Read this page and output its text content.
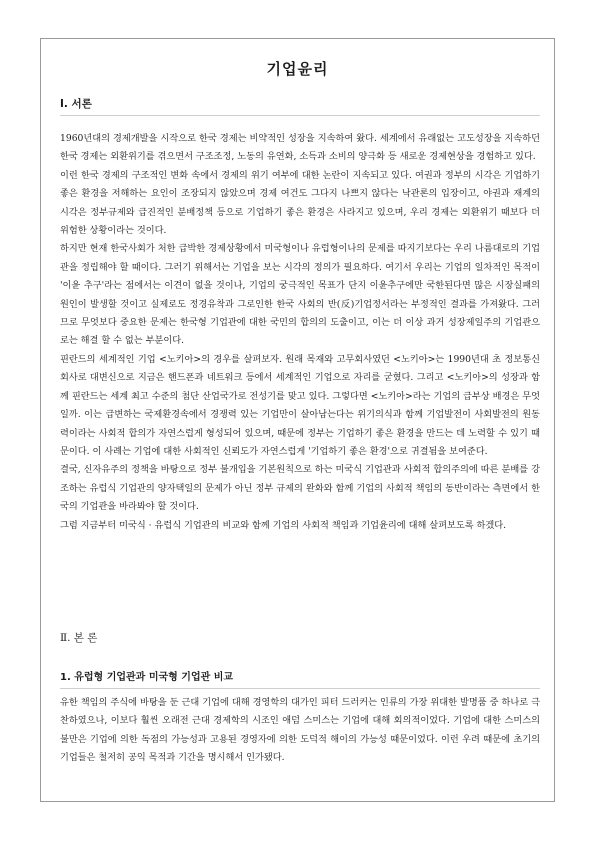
기업윤리
Ⅰ. 서론

1960년대의 경제개발을 시작으로 한국 경제는 비약적인 성장을 지속하여 왔다. 세계에서 유래없는 고도성장을 지속하던 한국 경제는 외환위기를 겪으면서 구조조정, 노동의 유연화, 소득과 소비의 양극화 등 새로운 경제현상을 경험하고 있다.

이런 한국 경제의 구조적인 변화 속에서 경제의 위기 여부에 대한 논란이 지속되고 있다. 여권과 정부의 시각은 기업하기 좋은 환경을 저해하는 요인이 조장되지 않았으며 경제 여건도 그다지 나쁘지 않다는 낙관론의 입장이고, 야권과 재계의 시각은 정부규제와 급진적인 분배정책 등으로 기업하기 좋은 환경은 사라지고 있으며, 우리 경제는 외환위기 때보다 더 위험한 상황이라는 것이다.

하지만 현재 한국사회가 처한 급박한 경제상황에서 미국형이나 유럽형이나의 문제를 따지기보다는 우리 나름대로의 기업관을 정립해야 할 때이다. 그러기 위해서는 기업을 보는 시각의 정의가 필요하다. 여기서 우리는 기업의 일차적인 목적이 '이윤 추구'라는 점에서는 이견이 없을 것이나, 기업의 궁극적인 목표가 단지 이윤추구에만 국한된다면 많은 시장실패의 원인이 발생할 것이고 실제로도 정경유착과 그로인한 한국 사회의 반(反)기업정서라는 부정적인 결과를 가져왔다. 그러므로 무엇보다 중요한 문제는 한국형 기업관에 대한 국민의 합의의 도출이고, 이는 더 이상 과거 성장제일주의 기업관으로는 해결 할 수 없는 부분이다.

핀란드의 세계적인 기업 <노키아>의 경우를 살펴보자. 원래 목재와 고무회사였던 <노키아>는 1990년대 초 정보통신회사로 대변신으로 지금은 핸드폰과 네트워크 등에서 세계적인 기업으로 자리를 굳혔다. 그리고 <노키아>의 성장과 함께 핀란드는 세계 최고 수준의 첨단 산업국가로 전성기를 맞고 있다. 그렇다면 <노키아>라는 기업의 급부상 배경은 무엇일까. 이는 급변하는 국제환경속에서 경쟁력 있는 기업만이 살아남는다는 위기의식과 함께 기업발전이 사회발전의 원동력이라는 사회적 합의가 자연스럽게 형성되어 있으며, 때문에 정부는 기업하기 좋은 환경을 만드는 데 노력할 수 있기 때문이다. 이 사례는 기업에 대한 사회적인 신뢰도가 자연스럽게 '기업하기 좋은 환경'으로 귀결됨을 보여준다.

결국, 신자유주의 정책을 바탕으로 정부 불개입을 기본원칙으로 하는 미국식 기업관과 사회적 합의주의에 따른 분배를 강조하는 유럽식 기업관의 양자택일의 문제가 아닌 정부 규제의 완화와 함께 기업의 사회적 책임의 동반이라는 측면에서 한국의 기업관을 바라봐야 할 것이다.

그럼 지금부터 미국식 · 유럽식 기업관의 비교와 함께 기업의 사회적 책임과 기업윤리에 대해 살펴보도록 하겠다.

Ⅱ. 본 론
1. 유럽형 기업관과 미국형 기업관 비교

유한 책임의 주식에 바탕을 둔 근대 기업에 대해 경영학의 대가인 피터 드러커는 인류의 가장 위대한 발명품 중 하나로 극찬하였으나, 이보다 훨씬 오래전 근대 경제학의 시조인 애덤 스미스는 기업에 대해 회의적이었다. 기업에 대한 스미스의 불만은 기업에 의한 독점의 가능성과 고용된 경영자에 의한 도덕적 해이의 가능성 때문이었다. 이런 우려 때문에 초기의 기업들은 철저히 공익 목적과 기간을 명시해서 인가됐다.
